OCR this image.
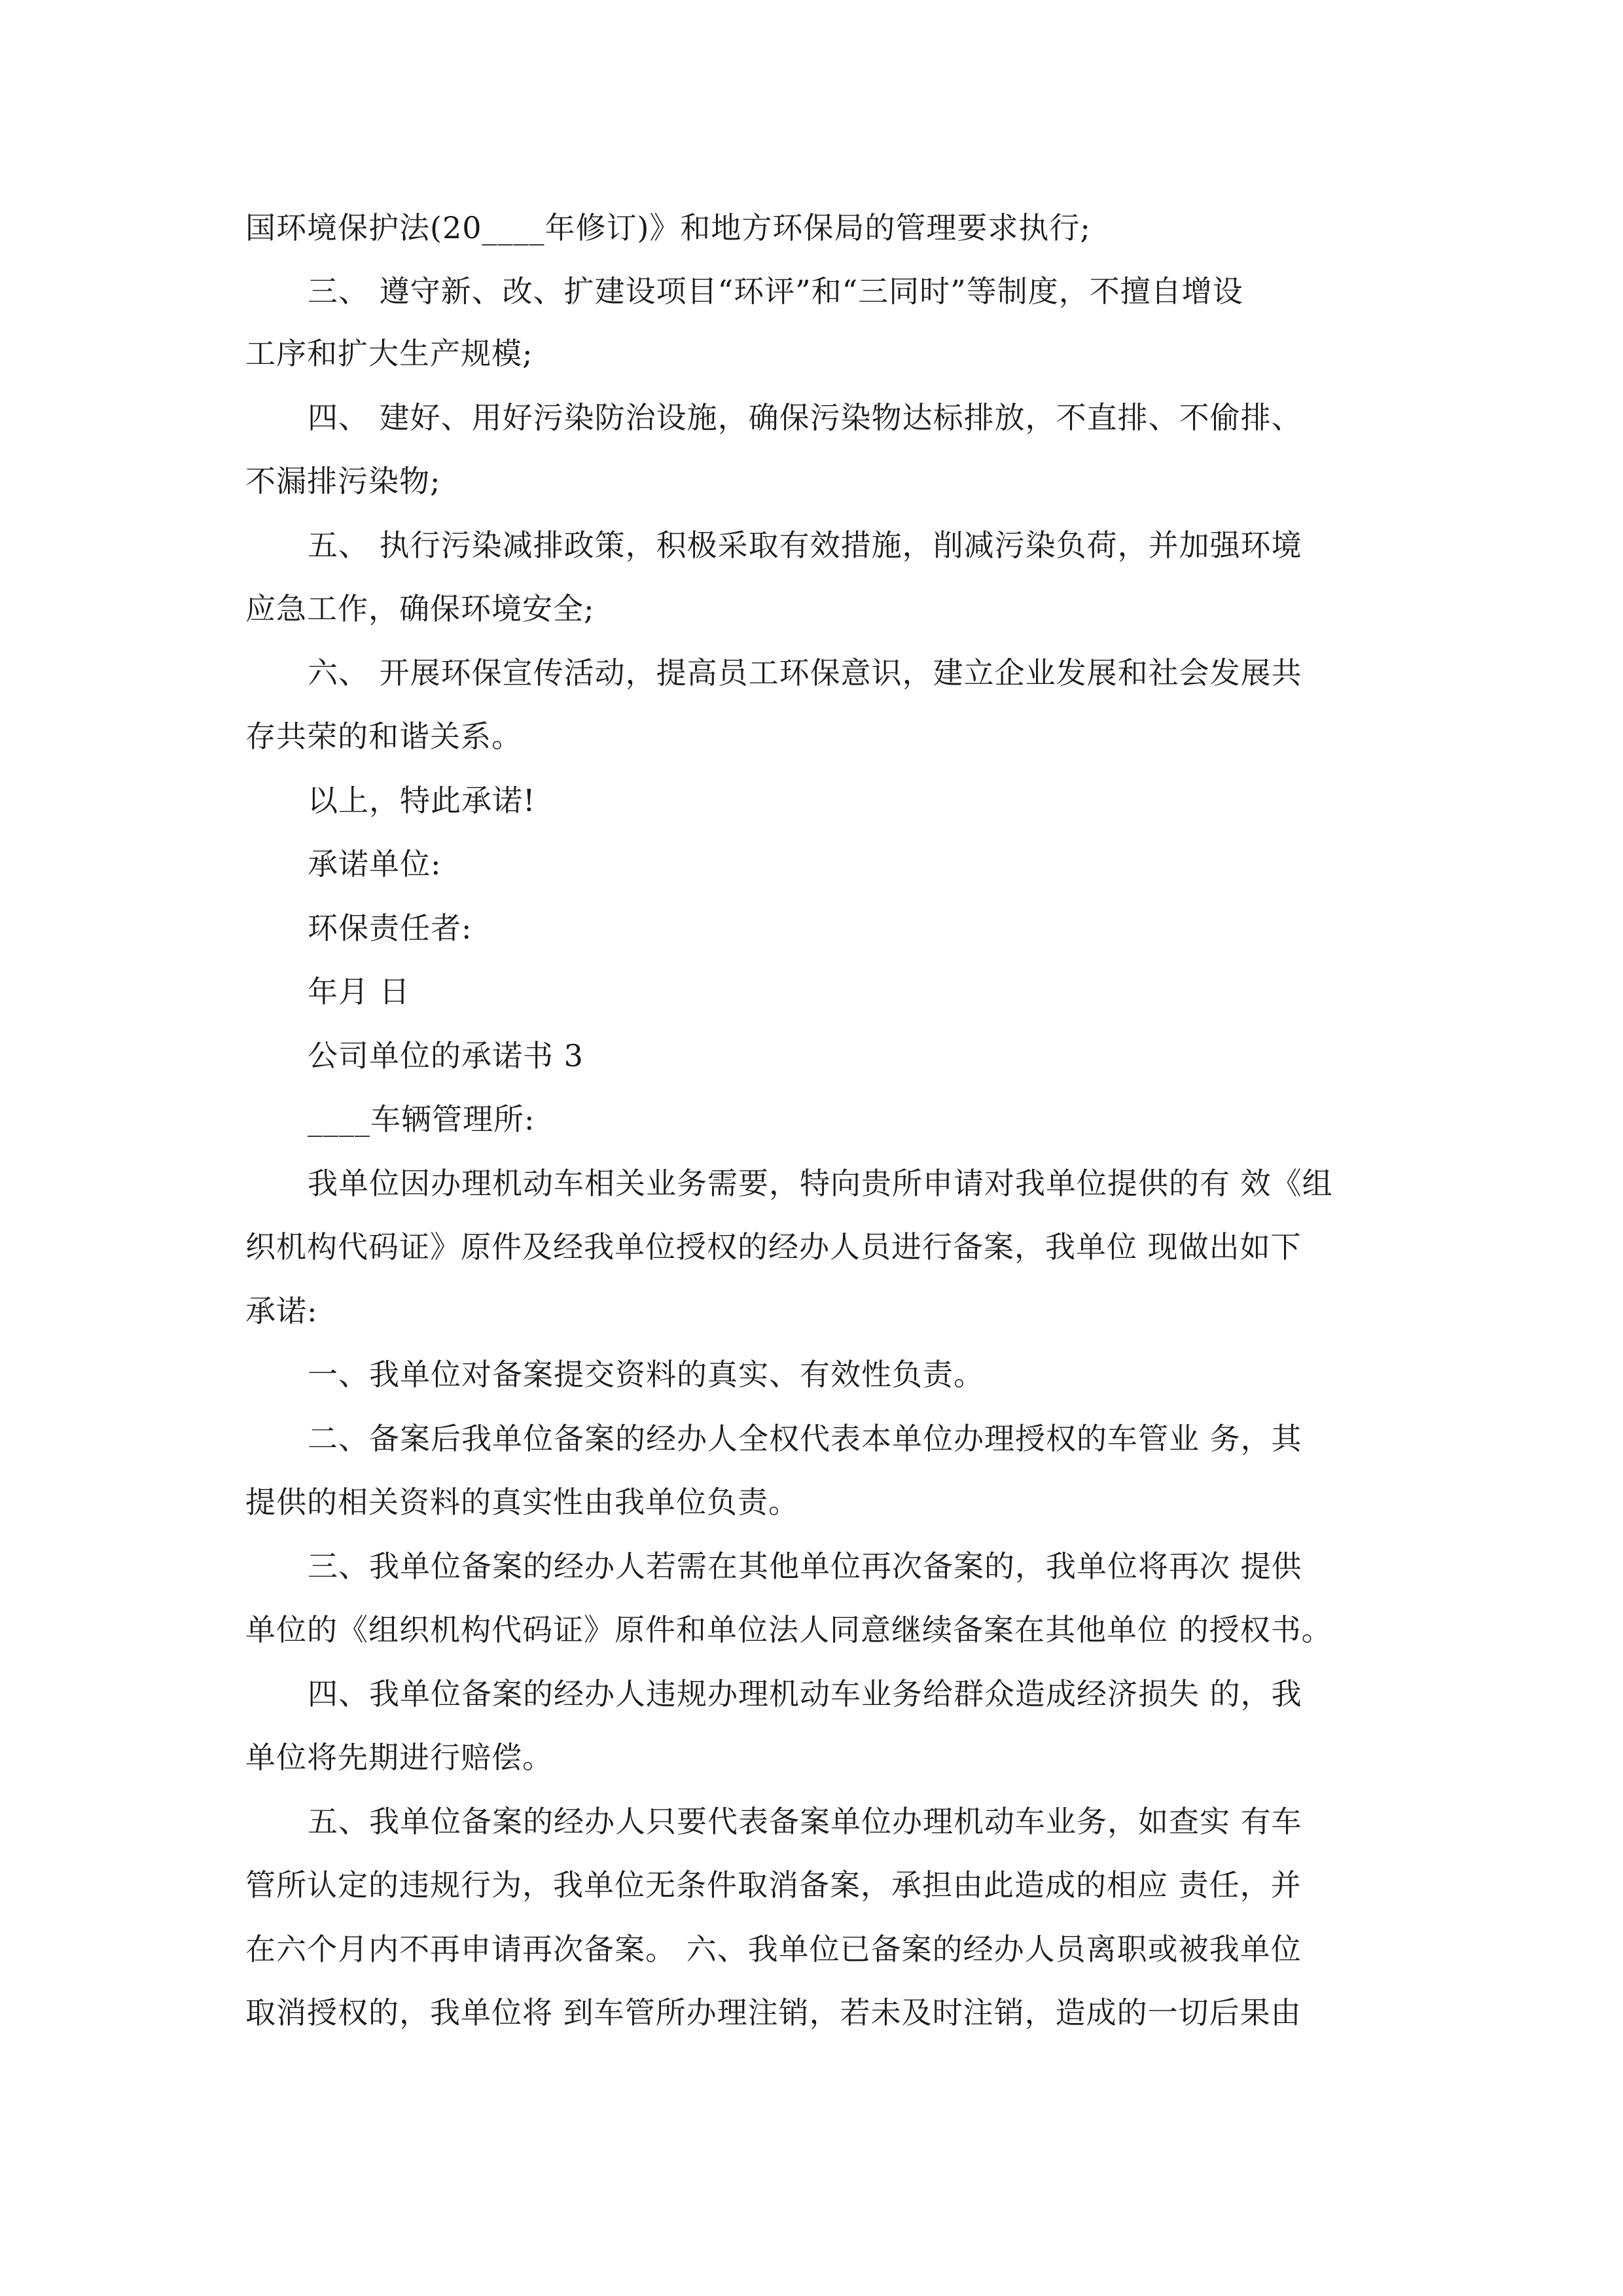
国环境保护法(20____年修订)》和地方环保局的管理要求执行;
三、 遵守新、改、扩建设项目“环评”和“三同时”等制度，不擅自增设
工序和扩大生产规模;
四、 建好、用好污染防治设施，确保污染物达标排放，不直排、不偷排、
不漏排污染物;
五、 执行污染减排政策，积极采取有效措施，削减污染负荷，并加强环境
应急工作，确保环境安全;
六、 开展环保宣传活动，提高员工环保意识，建立企业发展和社会发展共
存共荣的和谐关系。
以上，特此承诺!
承诺单位:
环保责任者:
年月 日
公司单位的承诺书 3
____车辆管理所:
我单位因办理机动车相关业务需要，特向贵所申请对我单位提供的有 效《组
织机构代码证》原件及经我单位授权的经办人员进行备案，我单位 现做出如下
承诺:
一、我单位对备案提交资料的真实、有效性负责。
二、备案后我单位备案的经办人全权代表本单位办理授权的车管业 务，其
提供的相关资料的真实性由我单位负责。
三、我单位备案的经办人若需在其他单位再次备案的，我单位将再次 提供
单位的《组织机构代码证》原件和单位法人同意继续备案在其他单位 的授权书。
四、我单位备案的经办人违规办理机动车业务给群众造成经济损失 的，我
单位将先期进行赔偿。
五、我单位备案的经办人只要代表备案单位办理机动车业务，如查实 有车
管所认定的违规行为，我单位无条件取消备案，承担由此造成的相应 责任，并
在六个月内不再申请再次备案。 六、我单位已备案的经办人员离职或被我单位
取消授权的，我单位将 到车管所办理注销，若未及时注销，造成的一切后果由
